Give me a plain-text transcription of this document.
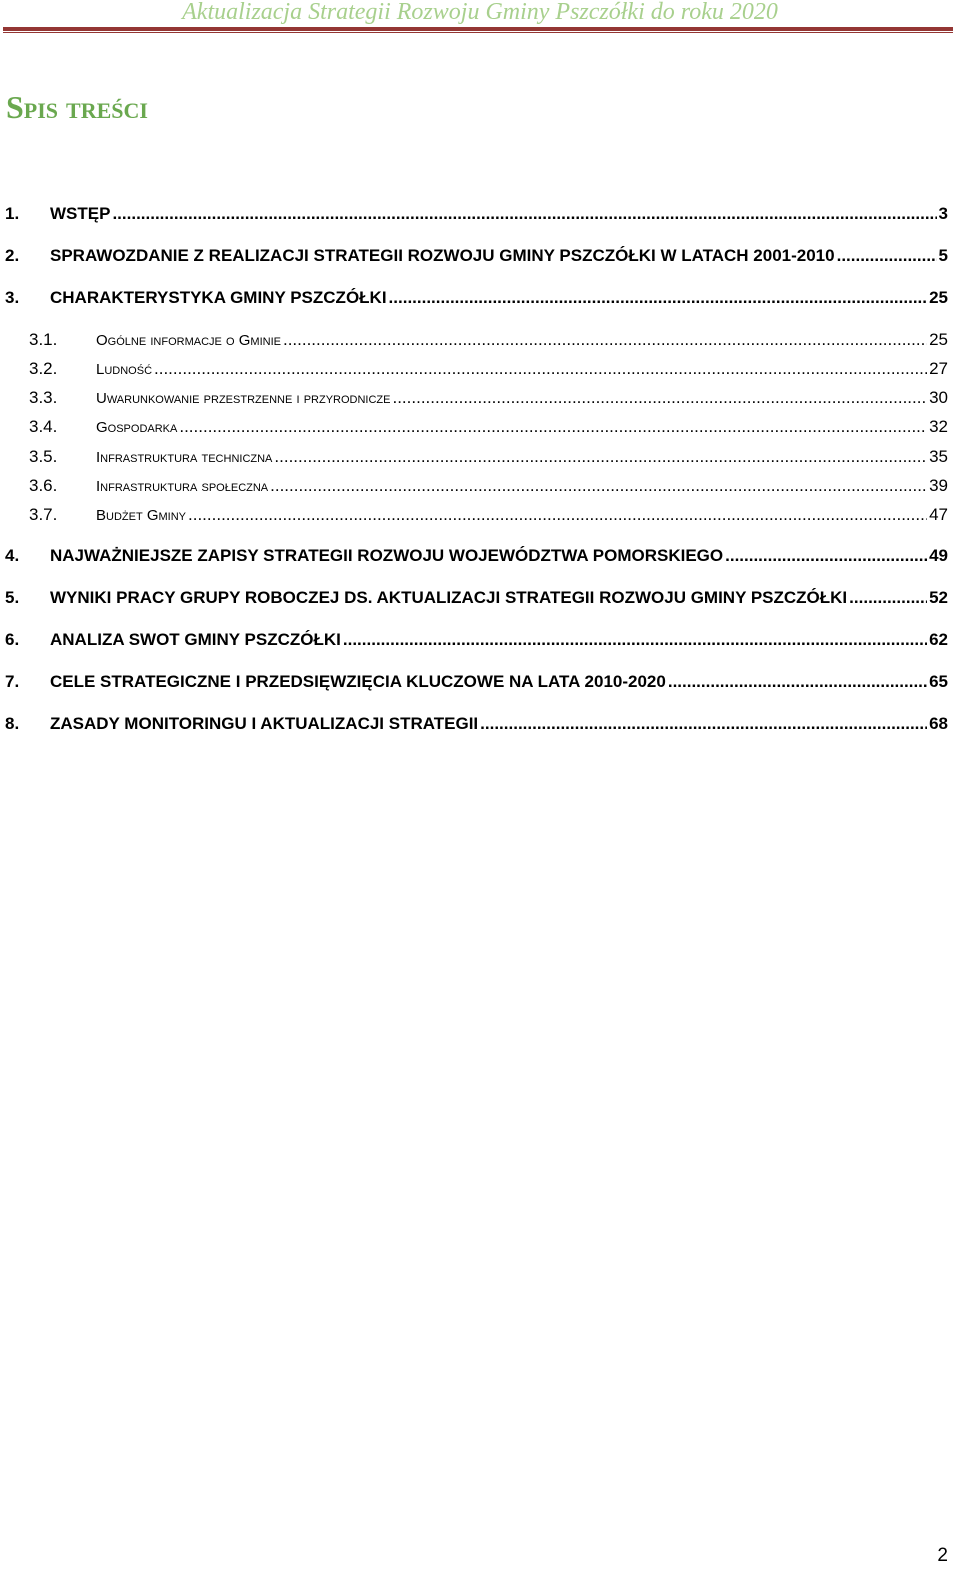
Aktualizacja Strategii Rozwoju Gminy Pszczółki do roku 2020
Spis treści
1.	WSTĘP .....	3
2.	SPRAWOZDANIE Z REALIZACJI STRATEGII ROZWOJU GMINY PSZCZÓŁKI W LATACH 2001-2010 .....	5
3.	CHARAKTERYSTYKA GMINY PSZCZÓŁKI .....	25
3.1.	Ogólne informacje o Gminie .....	25
3.2.	Ludność .....	27
3.3.	Uwarunkowanie przestrzenne i przyrodnicze .....	30
3.4.	Gospodarka .....	32
3.5.	Infrastruktura techniczna .....	35
3.6.	Infrastruktura społeczna .....	39
3.7.	Budżet Gminy .....	47
4.	NAJWAŻNIEJSZE ZAPISY STRATEGII ROZWOJU WOJEWÓDZTWA POMORSKIEGO .....	49
5.	WYNIKI PRACY GRUPY ROBOCZEJ DS. AKTUALIZACJI STRATEGII ROZWOJU GMINY PSZCZÓŁKI .....	52
6.	ANALIZA SWOT GMINY PSZCZÓŁKI .....	62
7.	CELE STRATEGICZNE I PRZEDSIĘWZIĘCIA KLUCZOWE NA LATA 2010-2020 .....	65
8.	ZASADY MONITORINGU I AKTUALIZACJI STRATEGII .....	68
2
